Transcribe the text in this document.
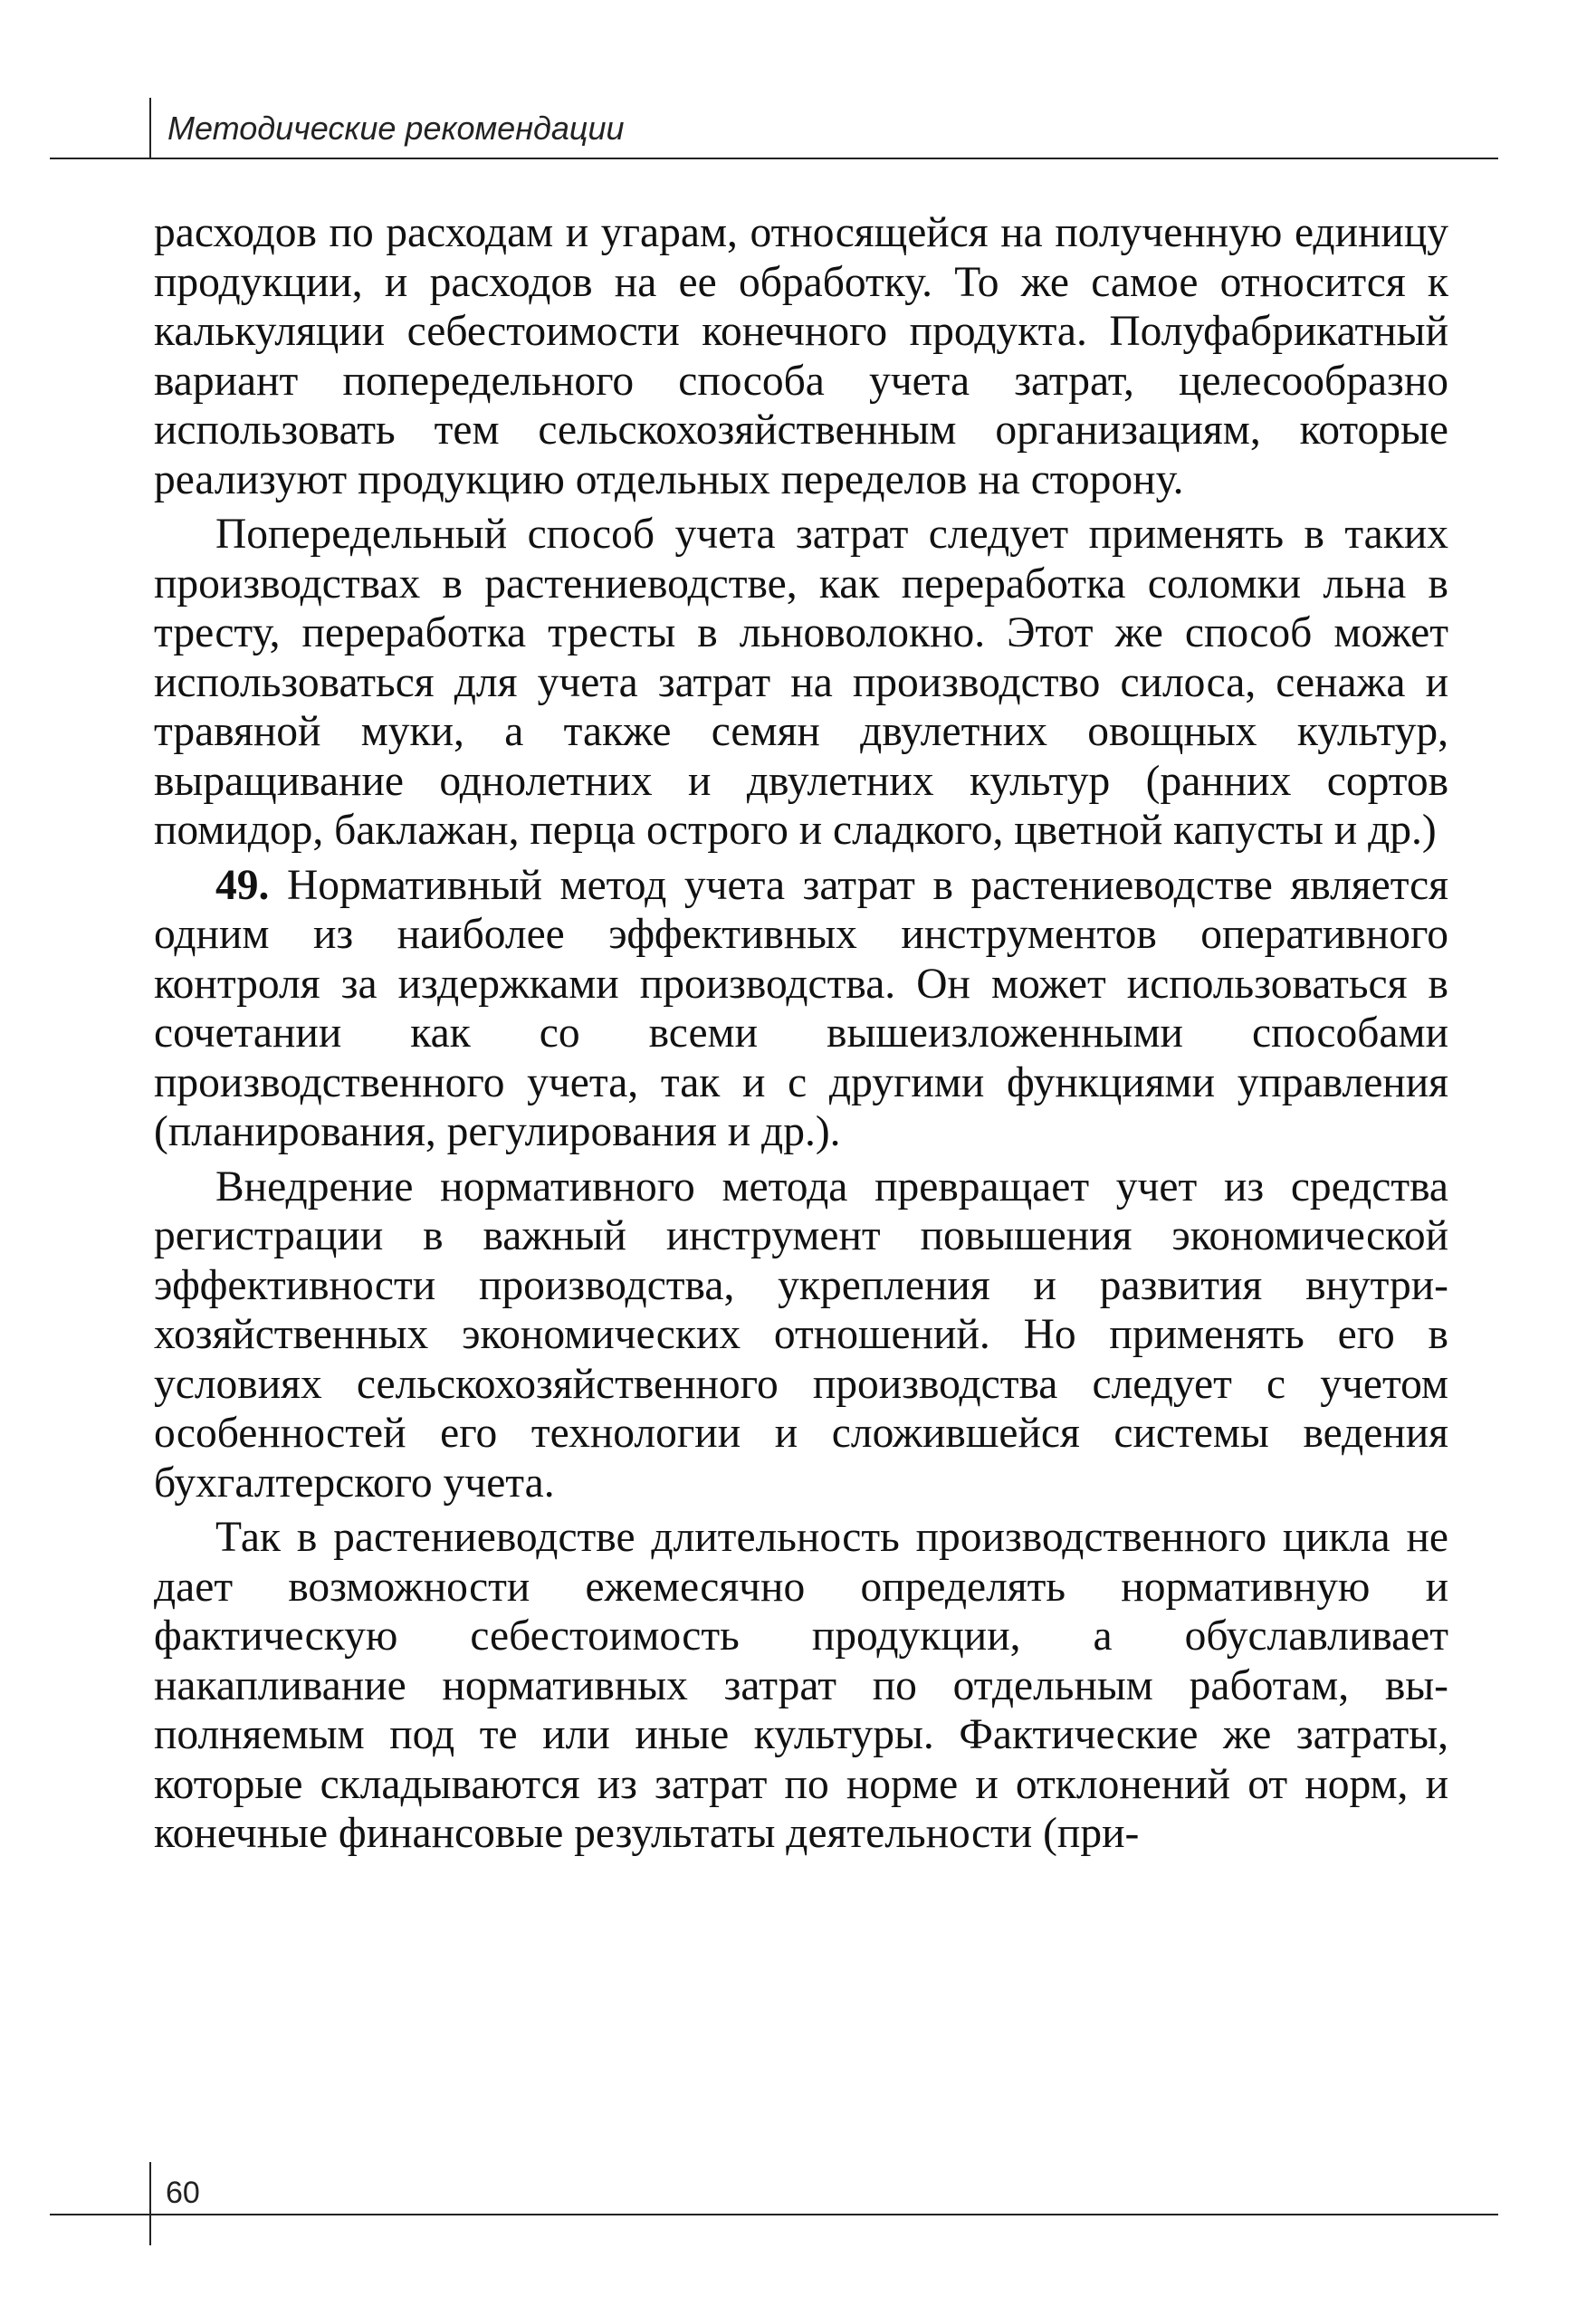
Методические рекомендации

расходов по расходам и угарам, относящейся на полученную единицу продукции, и расходов на ее обработку. То же самое относится к калькуляции себестоимости конечного продукта. Полуфабрикатный вариант попередельного способа учета затрат, целесообразно использовать тем сельскохозяйственным организациям, которые реализуют продукцию отдельных переделов на сторону.

Попередельный способ учета затрат следует применять в таких производствах в растениеводстве, как переработка соломки льна в тресту, переработка тресты в льноволокно. Этот же способ может использоваться для учета затрат на производство силоса, сенажа и травяной муки, а также семян двулетних овощных культур, выращивание однолетних и двулетних культур (ранних сортов помидор, баклажан, перца острого и сладкого, цветной капусты и др.)

49. Нормативный метод учета затрат в растениеводстве является одним из наиболее эффективных инструментов оперативного контроля за издержками производства. Он может использоваться в сочетании как со всеми вышеизложенными способами производственного учета, так и с другими функциями управления (планирования, регулирования и др.).

Внедрение нормативного метода превращает учет из средства регистрации в важный инструмент повышения экономической эффективности производства, укрепления и развития внутрихозяйственных экономических отношений. Но применять его в условиях сельскохозяйственного производства следует с учетом особенностей его технологии и сложившейся системы ведения бухгалтерского учета.

Так в растениеводстве длительность производственного цикла не дает возможности ежемесячно определять нормативную и фактическую себестоимость продукции, а обуславливает накапливание нормативных затрат по отдельным работам, выполняемым под те или иные культуры. Фактические же затраты, которые складываются из затрат по норме и отклонений от норм, и конечные финансовые результаты деятельности (при-

60
